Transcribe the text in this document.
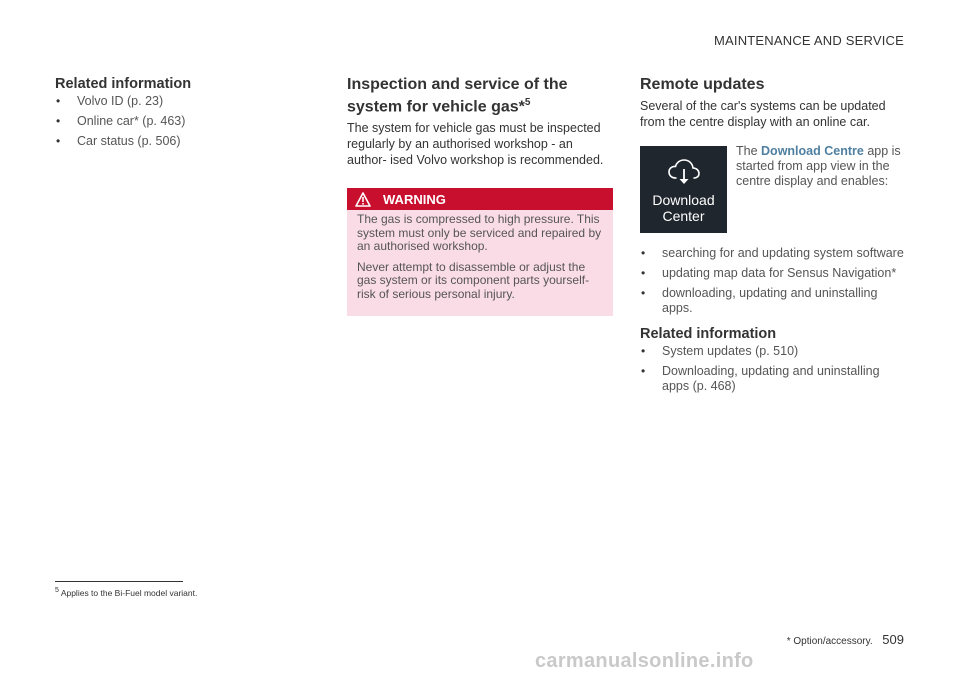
MAINTENANCE AND SERVICE
Related information
• Volvo ID (p. 23)
• Online car* (p. 463)
• Car status (p. 506)
Inspection and service of the system for vehicle gas*$^5$

The system for vehicle gas must be inspected regularly by an authorised workshop - an author- ised Volvo workshop is recommended.

WARNING

The gas is compressed to high pressure. This system must only be serviced and repaired by an authorised workshop.

Never attempt to disassemble or adjust the gas system or its component parts yourself- risk of serious personal injury.

Remote updates

Several of the car's systems can be updated from the centre display with an online car.

Download
Center
The Download Centre app is started from app view in the centre display and enables:
• searching for and updating system software
• updating map data for Sensus Navigation*
• downloading, updating and uninstalling apps.
Related information
• System updates (p. 510)
• Downloading, updating and uninstalling apps (p. 468)
$^5$ Applies to the Bi-Fuel model variant.
* Option/accessory. 509
carmanualsonline.info
